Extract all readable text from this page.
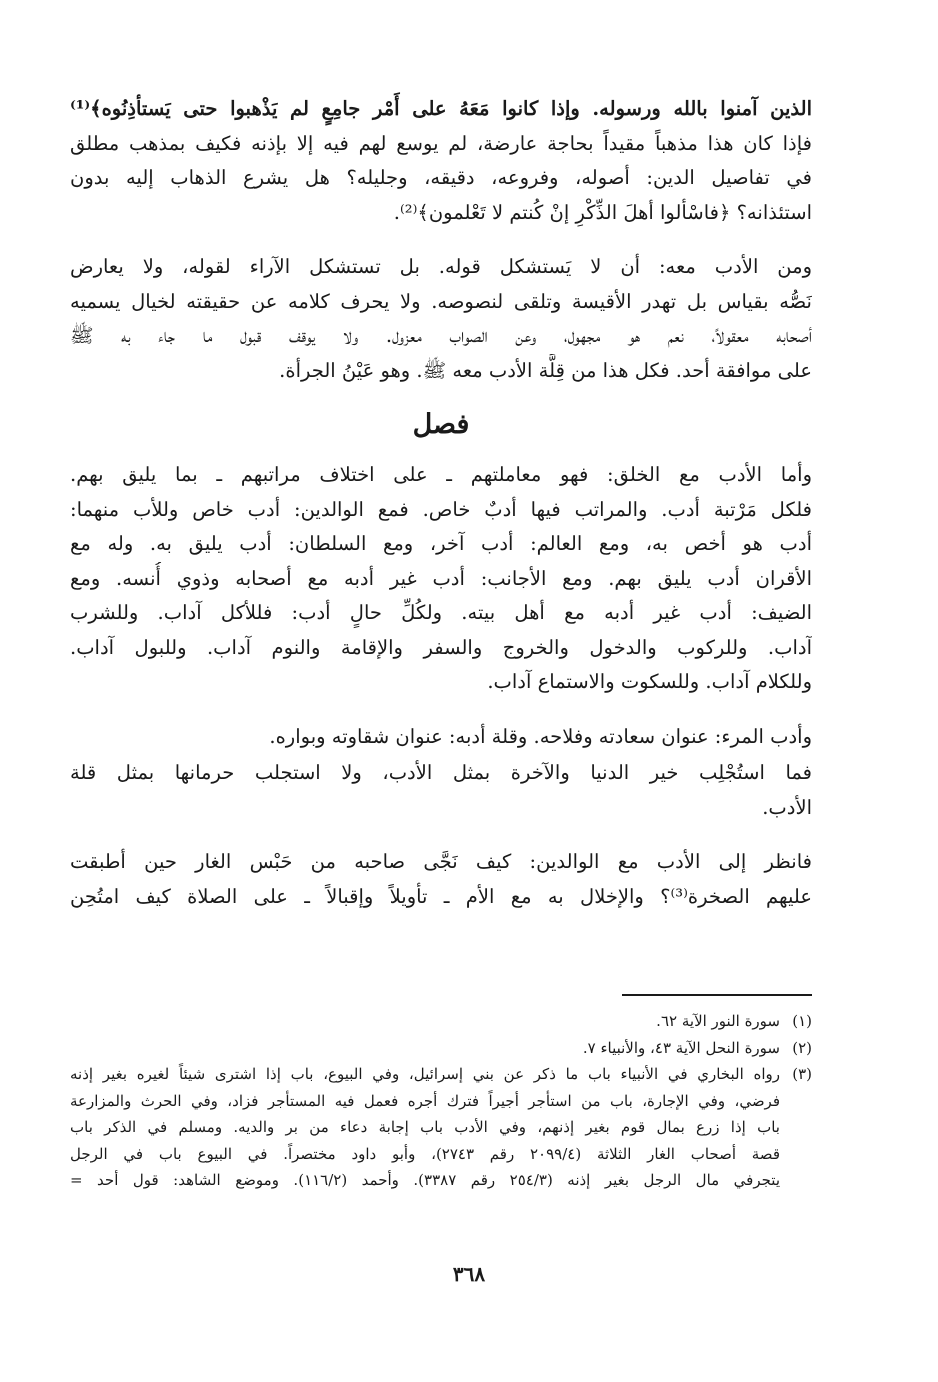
الذين آمنوا بالله ورسوله. وإذا كانوا مَعَهُ على أَمْر جامِعٍ لم يَذْهبوا حتى يَستأذِنُوه﴾⁽¹⁾
فإذا كان هذا مذهباً مقيداً بحاجة عارضة، لم يوسع لهم فيه إلا بإذنه فكيف بمذهب مطلق
في تفاصيل الدين: أصوله، وفروعه، دقيقه، وجليله؟ هل يشرع الذهاب إليه بدون
استئذانه؟ ﴿فاسْألوا أهلَ الذِّكْرِ إنْ كُنتم لا تَعْلمون﴾⁽²⁾.

ومن الأدب معه: أن لا يَستشكل قوله. بل تستشكل الآراء لقوله، ولا يعارض
نَصُّه بقياس بل تهدر الأقيسة وتلقى لنصوصه. ولا يحرف كلامه عن حقيقته لخيال يسميه
أصحابه معقولاً، نعم هو مجهول، وعن الصواب معزول. ولا يوقف قبول ما جاء به ﷺ
على موافقة أحد. فكل هذا من قِلَّة الأدب معه ﷺ. وهو عَيْنُ الجرأة.

فصل

وأما الأدب مع الخلق: فهو معاملتهم ـ على اختلاف مراتبهم ـ بما يليق بهم.
فلكل مَرْتبة أدب. والمراتب فيها أدبٌ خاص. فمع الوالدين: أدب خاص وللأب منهما:
أدب هو أخص به، ومع العالم: أدب آخر، ومع السلطان: أدب يليق به. وله مع
الأقران أدب يليق بهم. ومع الأجانب: أدب غير أدبه مع أصحابه وذوي أُنسه. ومع
الضيف: أدب غير أدبه مع أهل بيته. ولكُلِّ حالٍ أدب: فللأكل آداب. وللشرب
آداب. وللركوب والدخول والخروج والسفر والإقامة والنوم آداب. وللبول آداب.
وللكلام آداب. وللسكوت والاستماع آداب.

وأدب المرء: عنوان سعادته وفلاحه. وقلة أدبه: عنوان شقاوته وبواره.

فما استُجْلِب خير الدنيا والآخرة بمثل الأدب، ولا استجلب حرمانها بمثل قلة
الأدب.

فانظر إلى الأدب مع الوالدين: كيف نَجَّى صاحبه من حَبْس الغار حين أطبقت
عليهم الصخرة⁽³⁾؟ والإخلال به مع الأم ـ تأويلاً وإقبالاً ـ على الصلاة كيف امتُحِن

(١)
سورة النور الآية ٦٢.
(٢)
سورة النحل الآية ٤٣، والأنبياء ٧.
(٣)
رواه البخاري في الأنبياء باب ما ذكر عن بني إسرائيل، وفي البيوع، باب إذا اشترى شيئاً لغيره بغير إذنه
فرضي، وفي الإجارة، باب من استأجر أجيراً فترك أجره فعمل فيه المستأجر فزاد، وفي الحرث والمزارعة
باب إذا زرع بمال قوم بغير إذنهم، وفي الأدب باب إجابة دعاء من بر والديه. ومسلم في الذكر باب
قصة أصحاب الغار الثلاثة (٢٠٩٩/٤ رقم ٢٧٤٣)، وأبو داود مختصراً. في البيوع باب في الرجل
يتجرفي مال الرجل بغير إذنه (٢٥٤/٣ رقم ٣٣٨٧). وأحمد (١١٦/٢). وموضع الشاهد: قول أحد =
٣٦٨
